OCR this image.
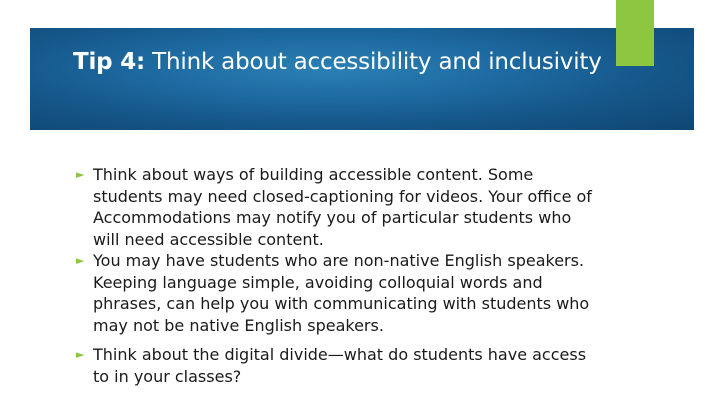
Tip 4: Think about accessibility and inclusivity
► Think about ways of building accessible content. Some students may need closed-captioning for videos. Your office of Accommodations may notify you of particular students who will need accessible content.
► You may have students who are non-native English speakers. Keeping language simple, avoiding colloquial words and phrases, can help you with communicating with students who may not be native English speakers.
► Think about the digital divide—what do students have access to in your classes?
